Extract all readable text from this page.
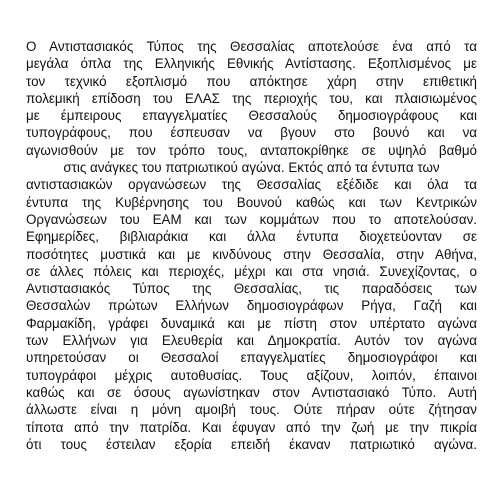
Ο Αντιστασιακός Τύπος της Θεσσαλίας αποτελούσε ένα από τα
μεγάλα όπλα της Ελληνικής Εθνικής Αντίστασης. Εξοπλισμένος με
τον τεχνικό εξοπλισμό που απόκτησε χάρη στην επιθετική
πολεμική επίδοση του ΕΛΑΣ της περιοχής του, και πλαισιωμένος
με έμπειρους επαγγελματίες Θεσσαλούς δημοσιογράφους και
τυπογράφους, που έσπευσαν να βγουν στο βουνό και να
αγωνισθούν με τον τρόπο τους, ανταποκρίθηκε σε υψηλό βαθμό
στις ανάγκες του πατριωτικού αγώνα. Εκτός από τα έντυπα των
αντιστασιακών οργανώσεων της Θεσσαλίας εξέδιδε και όλα τα
έντυπα της Κυβέρνησης του Βουνού καθώς και των Κεντρικών
Οργανώσεων του ΕΑΜ και των κομμάτων που το αποτελούσαν.
Εφημερίδες, βιβλιαράκια και άλλα έντυπα διοχετεύονταν σε
ποσότητες μυστικά και με κινδύνους στην Θεσσαλία, στην Αθήνα,
σε άλλες πόλεις και περιοχές, μέχρι και στα νησιά. Συνεχίζοντας, ο
Αντιστασιακός Τύπος της Θεσσαλίας, τις παραδόσεις των
Θεσσαλών πρώτων Ελλήνων δημοσιογράφων Ρήγα, Γαζή και
Φαρμακίδη, γράφει δυναμικά και με πίστη στον υπέρτατο αγώνα
των Ελλήνων για Ελευθερία και Δημοκρατία. Αυτόν τον αγώνα
υπηρετούσαν οι Θεσσαλοί επαγγελματίες δημοσιογράφοι και
τυπογράφοι μέχρις αυτοθυσίας. Τους αξίζουν, λοιπόν, έπαινοι
καθώς και σε όσους αγωνίστηκαν στον Αντιστασιακό Τύπο. Αυτή
άλλωστε είναι η μόνη αμοιβή τους. Ούτε πήραν ούτε ζήτησαν
τίποτα από την πατρίδα. Και έφυγαν από την ζωή με την πικρία
ότι τους έστειλαν εξορία επειδή έκαναν πατριωτικό αγώνα.
